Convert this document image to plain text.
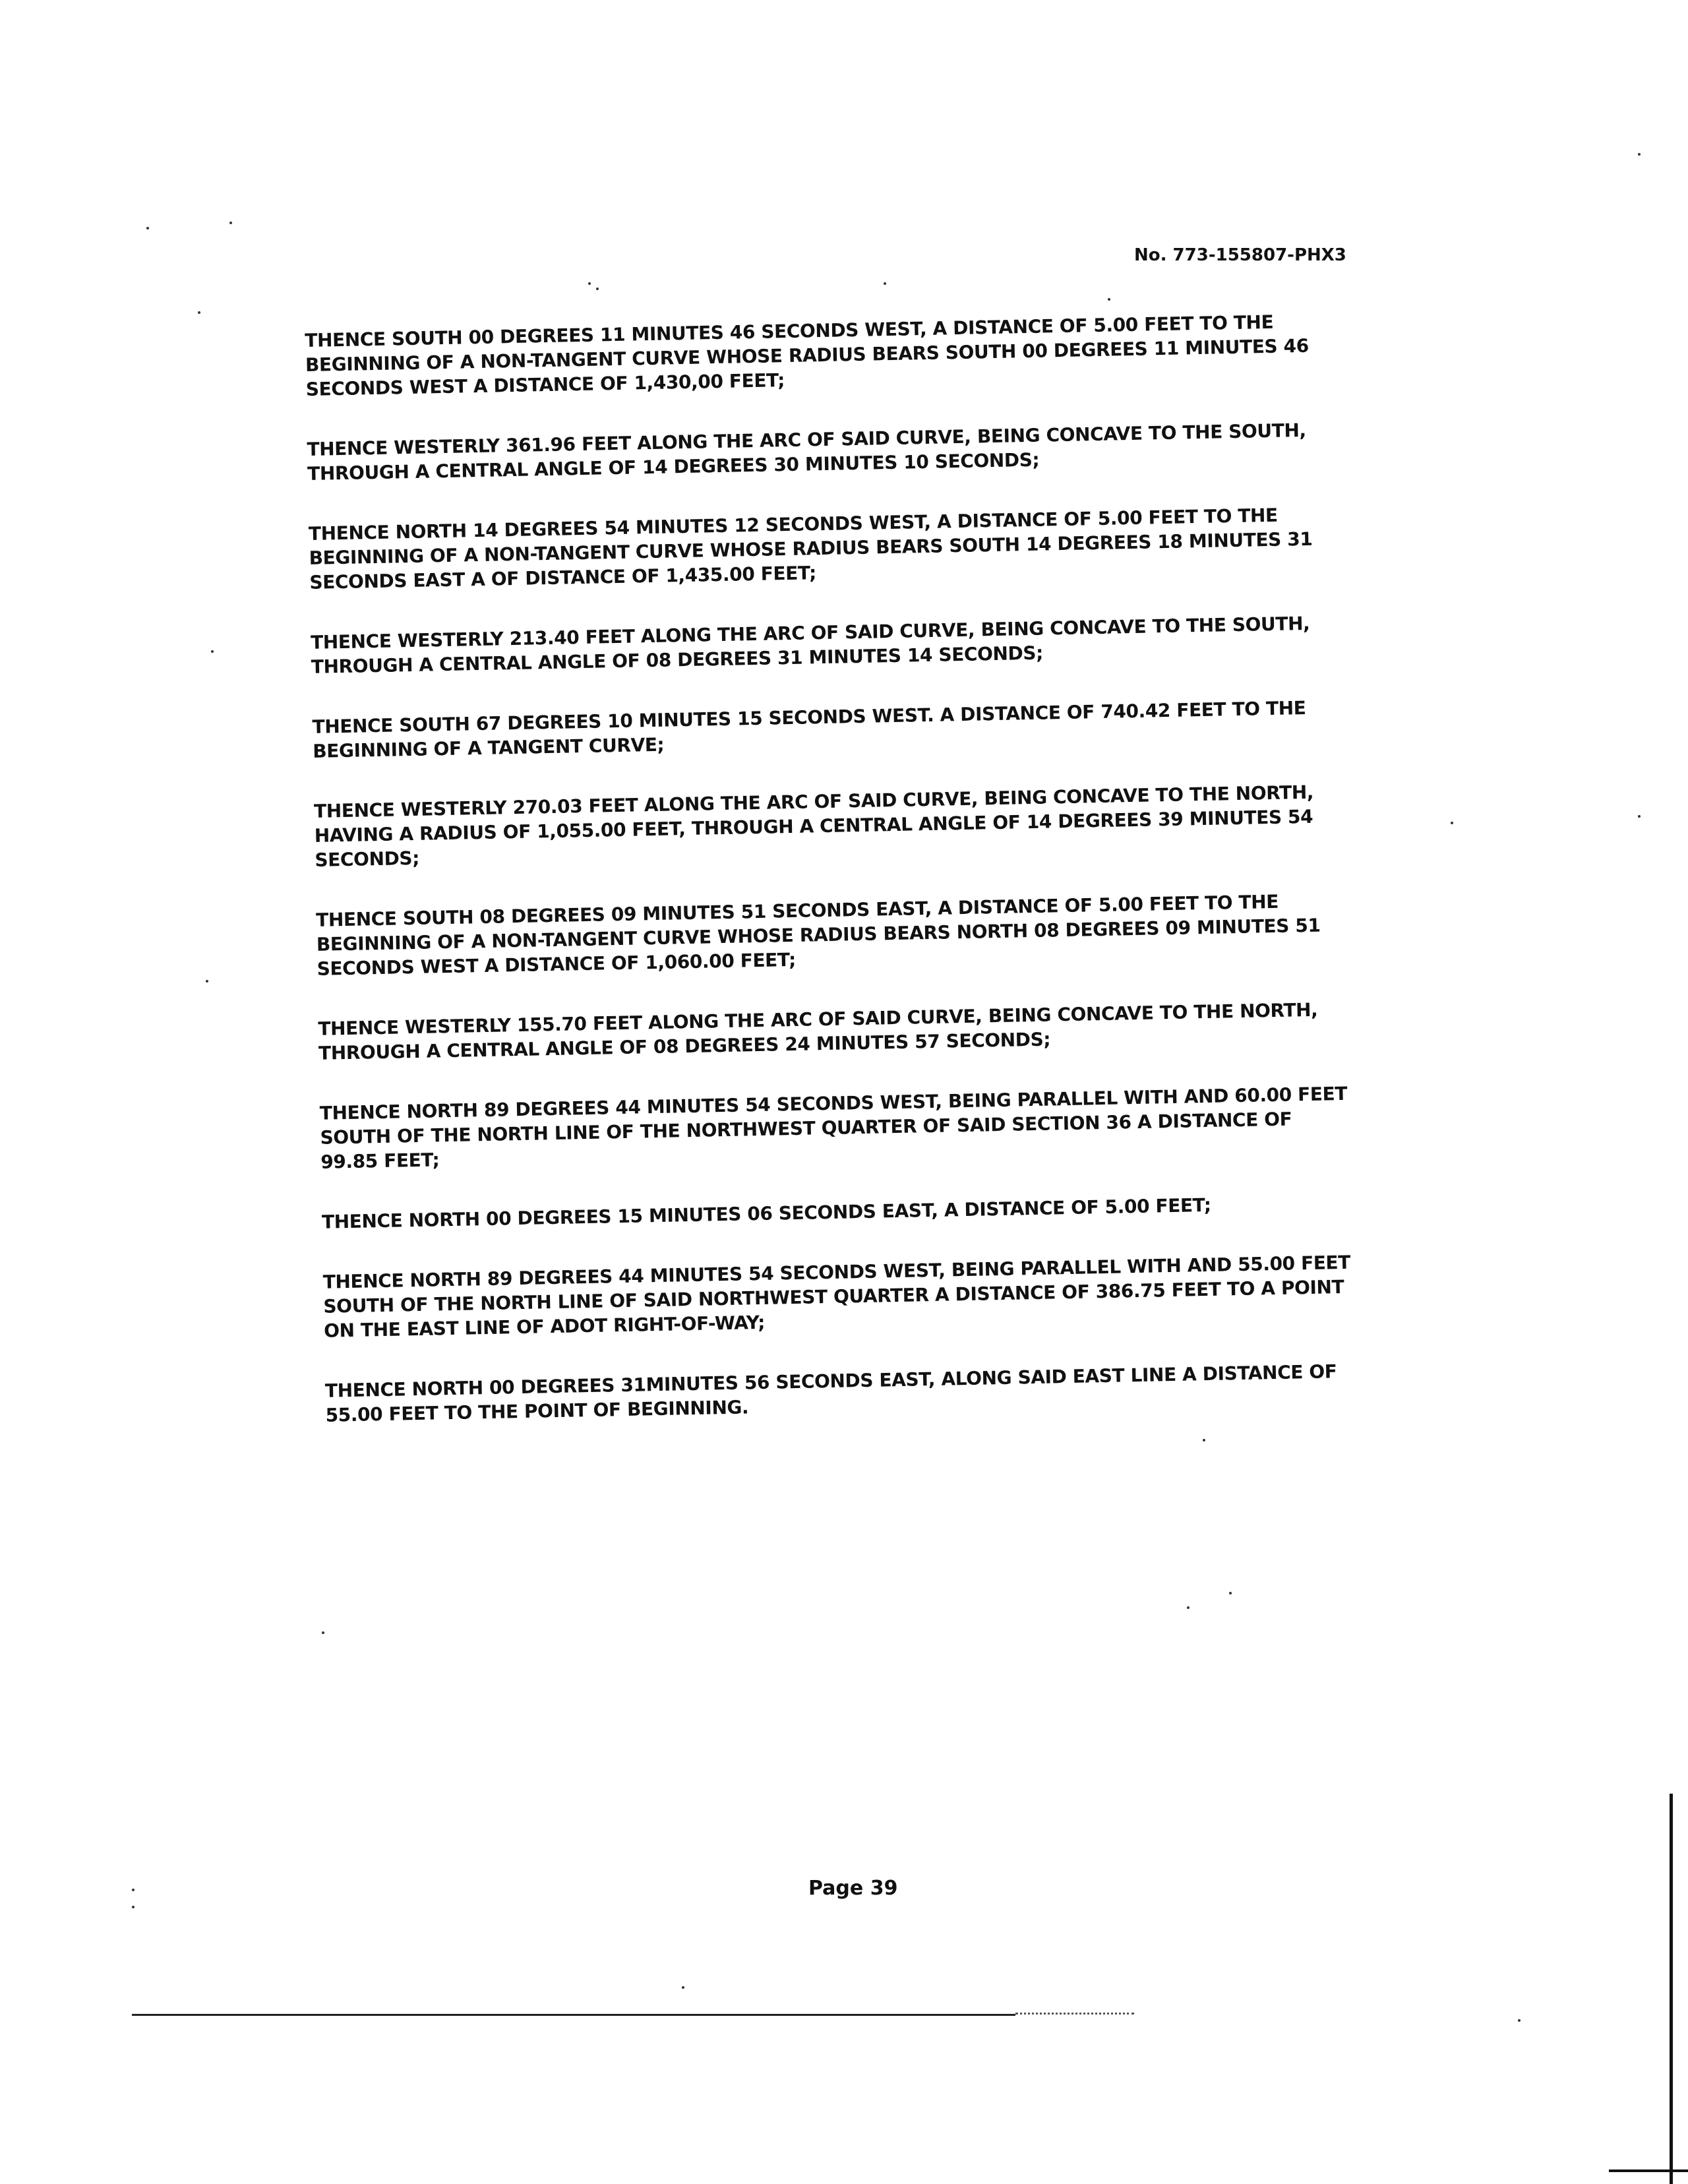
No. 773-155807-PHX3

THENCE SOUTH 00 DEGREES 11 MINUTES 46 SECONDS WEST, A DISTANCE OF 5.00 FEET TO THE
BEGINNING OF A NON-TANGENT CURVE WHOSE RADIUS BEARS SOUTH 00 DEGREES 11 MINUTES 46
SECONDS WEST A DISTANCE OF 1,430,00 FEET;

THENCE WESTERLY 361.96 FEET ALONG THE ARC OF SAID CURVE, BEING CONCAVE TO THE SOUTH,
THROUGH A CENTRAL ANGLE OF 14 DEGREES 30 MINUTES 10 SECONDS;

THENCE NORTH 14 DEGREES 54 MINUTES 12 SECONDS WEST, A DISTANCE OF 5.00 FEET TO THE
BEGINNING OF A NON-TANGENT CURVE WHOSE RADIUS BEARS SOUTH 14 DEGREES 18 MINUTES 31
SECONDS EAST A OF DISTANCE OF 1,435.00 FEET;

THENCE WESTERLY 213.40 FEET ALONG THE ARC OF SAID CURVE, BEING CONCAVE TO THE SOUTH,
THROUGH A CENTRAL ANGLE OF 08 DEGREES 31 MINUTES 14 SECONDS;

THENCE SOUTH 67 DEGREES 10 MINUTES 15 SECONDS WEST. A DISTANCE OF 740.42 FEET TO THE
BEGINNING OF A TANGENT CURVE;

THENCE WESTERLY 270.03 FEET ALONG THE ARC OF SAID CURVE, BEING CONCAVE TO THE NORTH,
HAVING A RADIUS OF 1,055.00 FEET, THROUGH A CENTRAL ANGLE OF 14 DEGREES 39 MINUTES 54
SECONDS;

THENCE SOUTH 08 DEGREES 09 MINUTES 51 SECONDS EAST, A DISTANCE OF 5.00 FEET TO THE
BEGINNING OF A NON-TANGENT CURVE WHOSE RADIUS BEARS NORTH 08 DEGREES 09 MINUTES 51
SECONDS WEST A DISTANCE OF 1,060.00 FEET;

THENCE WESTERLY 155.70 FEET ALONG THE ARC OF SAID CURVE, BEING CONCAVE TO THE NORTH,
THROUGH A CENTRAL ANGLE OF 08 DEGREES 24 MINUTES 57 SECONDS;

THENCE NORTH 89 DEGREES 44 MINUTES 54 SECONDS WEST, BEING PARALLEL WITH AND 60.00 FEET
SOUTH OF THE NORTH LINE OF THE NORTHWEST QUARTER OF SAID SECTION 36 A DISTANCE OF
99.85 FEET;

THENCE NORTH 00 DEGREES 15 MINUTES 06 SECONDS EAST, A DISTANCE OF 5.00 FEET;

THENCE NORTH 89 DEGREES 44 MINUTES 54 SECONDS WEST, BEING PARALLEL WITH AND 55.00 FEET
SOUTH OF THE NORTH LINE OF SAID NORTHWEST QUARTER A DISTANCE OF 386.75 FEET TO A POINT
ON THE EAST LINE OF ADOT RIGHT-OF-WAY;

THENCE NORTH 00 DEGREES 31MINUTES 56 SECONDS EAST, ALONG SAID EAST LINE A DISTANCE OF
55.00 FEET TO THE POINT OF BEGINNING.

Page 39
